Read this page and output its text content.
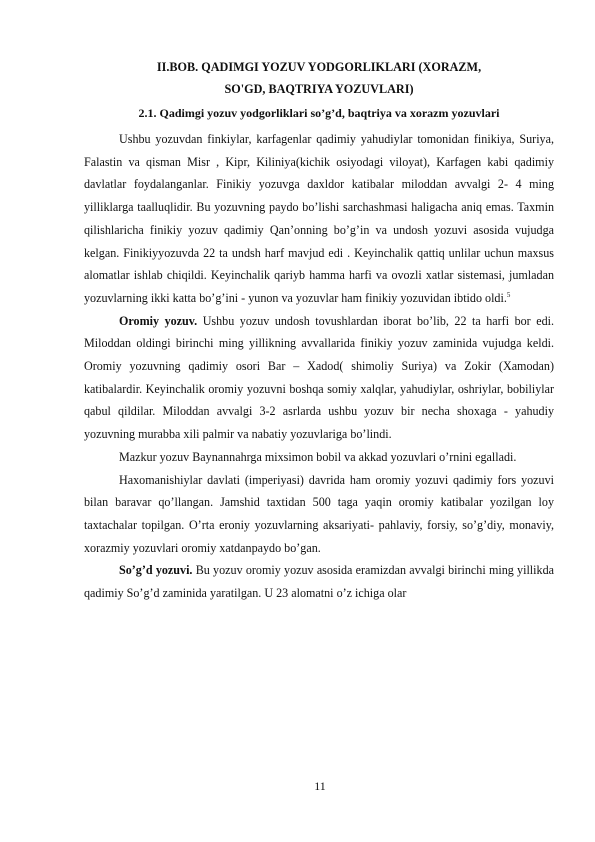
II.BOB. QADIMGI YOZUV YODGORLIKLARI (XORAZM,
SO'GD, BAQTRIYA YOZUVLARI)
2.1. Qadimgi yozuv yodgorliklari so’g’d, baqtriya va xorazm yozuvlari

Ushbu yozuvdan finkiylar, karfagenlar qadimiy yahudiylar tomonidan finikiya, Suriya, Falastin va qisman Misr , Kipr, Kiliniya(kichik osiyodagi viloyat), Karfagen kabi qadimiy davlatlar foydalanganlar. Finikiy yozuvga daxldor katibalar miloddan avvalgi 2- 4 ming yilliklarga taalluqlidir. Bu yozuvning paydo bo’lishi sarchashmasi haligacha aniq emas. Taxmin qilishlaricha finikiy yozuv qadimiy Qan’onning bo’g’in va undosh yozuvi asosida vujudga kelgan. Finikiyyozuvda 22 ta undsh harf mavjud edi . Keyinchalik qattiq unlilar uchun maxsus alomatlar ishlab chiqildi. Keyinchalik qariyb hamma harfi va ovozli xatlar sistemasi, jumladan yozuvlarning ikki katta bo’g’ini - yunon va yozuvlar ham finikiy yozuvidan ibtido oldi.$^5$

Oromiy yozuv. Ushbu yozuv undosh tovushlardan iborat bo’lib, 22 ta harfi bor edi. Miloddan oldingi birinchi ming yillikning avvallarida finikiy yozuv zaminida vujudga keldi. Oromiy yozuvning qadimiy osori Bar – Xadod( shimoliy Suriya) va Zokir (Xamodan) katibalardir. Keyinchalik oromiy yozuvni boshqa somiy xalqlar, yahudiylar, oshriylar, bobiliylar qabul qildilar. Miloddan avvalgi 3-2 asrlarda ushbu yozuv bir necha shoxaga - yahudiy yozuvning murabba xili palmir va nabatiy yozuvlariga bo’lindi.

Mazkur yozuv Baynannahrga mixsimon bobil va akkad yozuvlari o’rnini egalladi.

Haxomanishiylar davlati (imperiyasi) davrida ham oromiy yozuvi qadimiy fors yozuvi bilan baravar qo’llangan. Jamshid taxtidan 500 taga yaqin oromiy katibalar yozilgan loy taxtachalar topilgan. O’rta eroniy yozuvlarning aksariyati- pahlaviy, forsiy, so’g’diy, monaviy, xorazmiy yozuvlari oromiy xatdanpaydo bo’gan.

So’g’d yozuvi. Bu yozuv oromiy yozuv asosida eramizdan avvalgi birinchi ming yillikda qadimiy So’g’d zaminida yaratilgan. U 23 alomatni o’z ichiga olar

11
